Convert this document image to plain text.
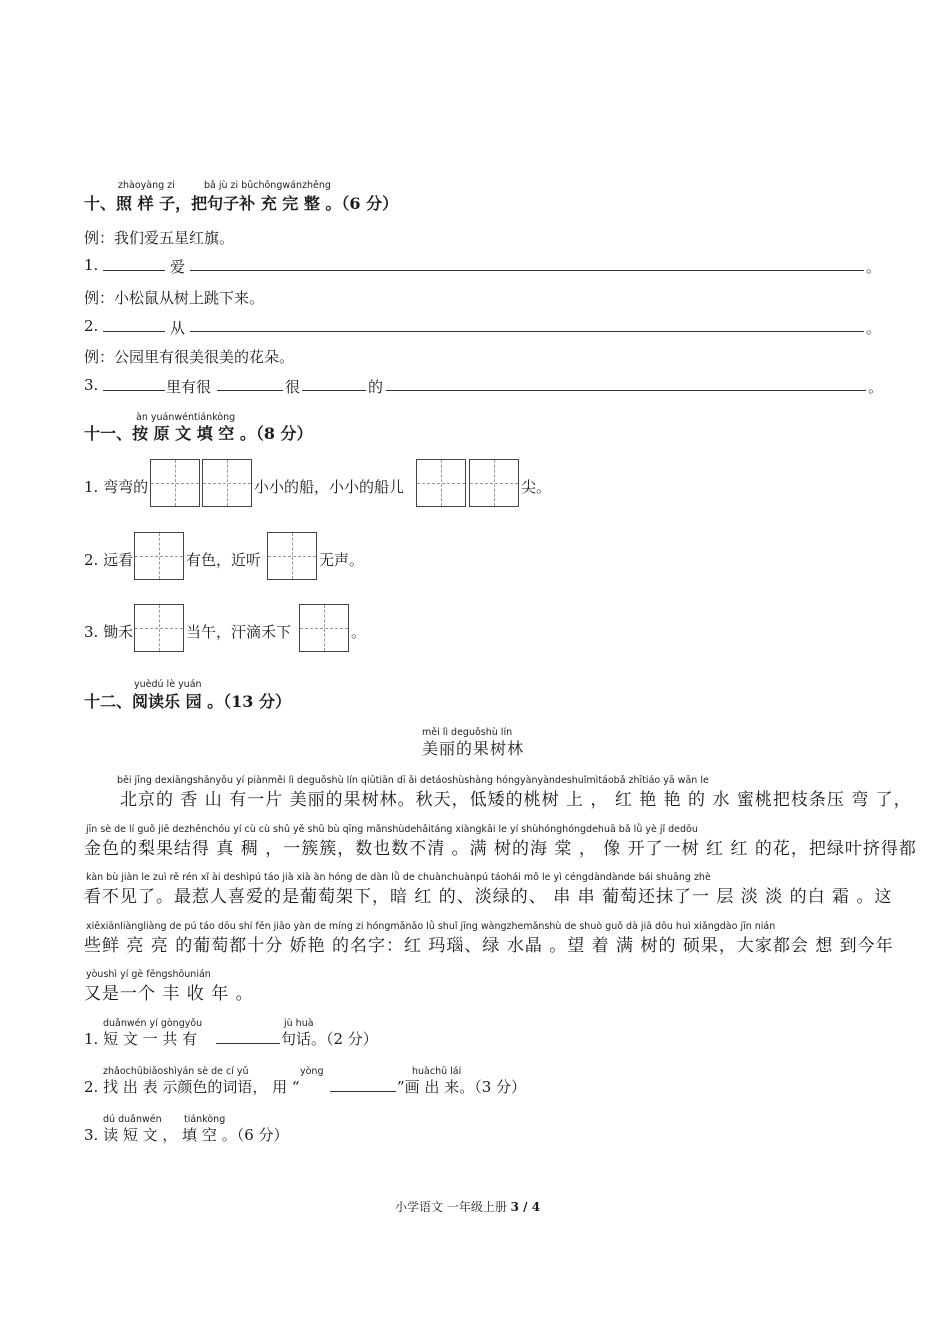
zhàoyàng zi	bǎ jù zi bǔchōngwánzhěng
十、照 样 子，把句子补 充 完 整 。（6 分）
例：我们爱五星红旗。
1.	爱	。
例：小松鼠从树上跳下来。
2.	从	。
例：公园里有很美很美的花朵。
3.	里有很	很	的	。
àn yuánwéntiánkòng
十一、按 原 文 填 空 。（8 分）
1. 弯弯的	小小的船，小小的船儿	尖。
2. 远看	有色，近听	无声。
3. 锄禾	当午，汗滴禾下	。
yuèdú lè yuán
十二、阅读乐 园 。（13 分）
měi lì deguǒshù lín
美丽的果树林
běi jīng dexiāngshānyǒu yí piànměi lì deguǒshù lín qiūtiān dī ǎi detáoshùshàng hóngyànyàndeshuǐmìtáobǎ zhītiáo yā wān le
　　北京的 香 山 有一片 美丽的果树林。秋天，低矮的桃树 上 ， 红 艳 艳 的 水 蜜桃把枝条压 弯 了，
jīn sè de lí guǒ jiē dezhēnchóu yí cù cù shǔ yě shǔ bù qīng mǎnshùdehǎitáng xiàngkāi le yí shùhónghóngdehuā bǎ lǜ yè jǐ dedōu
金色的梨果结得 真 稠 ，一簇簇，数也数不清 。满 树的海 棠 ， 像 开了一树 红 红 的花，把绿叶挤得都
kàn bù jiàn le zuì rě rén xǐ ài deshìpú táo jià xià àn hóng de dàn lǜ de chuànchuànpú táohái mǒ le yì céngdàndànde bái shuāng zhè
看不见了。最惹人喜爱的是葡萄架下，暗 红 的、淡绿的、 串 串 葡萄还抹了一 层 淡 淡 的白 霜 。这
xiēxiānliàngliàng de pú táo dōu shí fēn jiāo yàn de míng zi hóngmǎnǎo lǜ shuǐ jīng wàngzhemǎnshù de shuò guǒ dà jiā dōu huì xiǎngdào jīn nián
些鲜 亮 亮 的葡萄都十分 娇艳 的名字：红 玛瑙、绿 水晶 。望 着 满 树的 硕果，大家都会 想 到今年
yòushì yí gè fēngshōunián
又是一个 丰 收 年 。
duǎnwén yí gòngyǒu	jù huà
1. 短 文 一 共 有	句话。（2 分）
zhǎochūbiǎoshìyán sè de cí yǔ	yòng	huàchū lái
2. 找 出 表 示颜色的词语， 用 “	”画 出 来。（3 分）
dú duǎnwén tiánkòng
3. 读 短 文 ， 填 空 。（6 分）
小学语文 一年级上册 3 / 4
